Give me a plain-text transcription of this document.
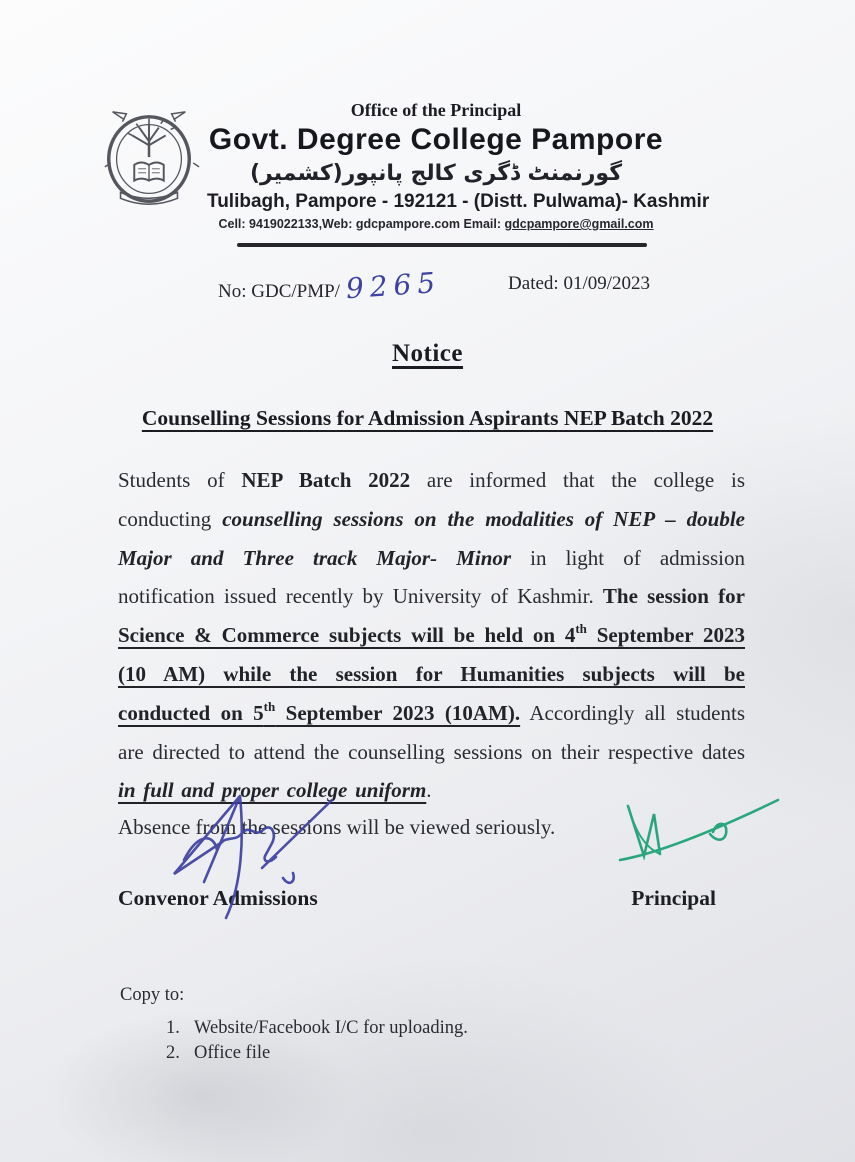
Office of the Principal
Govt. Degree College Pampore
گورنمنٹ ڈگری کالج پانپور(کشمیر)
Tulibagh, Pampore - 192121 - (Distt. Pulwama)- Kashmir
Cell: 9419022133,Web: gdcpampore.com Email: gdcpampore@gmail.com
No: GDC/PMP/ 9265	Dated: 01/09/2023
Notice
Counselling Sessions for Admission Aspirants NEP Batch 2022
Students of NEP Batch 2022 are informed that the college is conducting counselling sessions on the modalities of NEP – double Major and Three track Major- Minor in light of admission notification issued recently by University of Kashmir. The session for Science & Commerce subjects will be held on 4th September 2023 (10 AM) while the session for Humanities subjects will be conducted on 5th September 2023 (10AM). Accordingly all students are directed to attend the counselling sessions on their respective dates in full and proper college uniform.
Absence from the sessions will be viewed seriously.
Convenor Admissions	Principal
Copy to:
1. Website/Facebook I/C for uploading.
2. Office file
